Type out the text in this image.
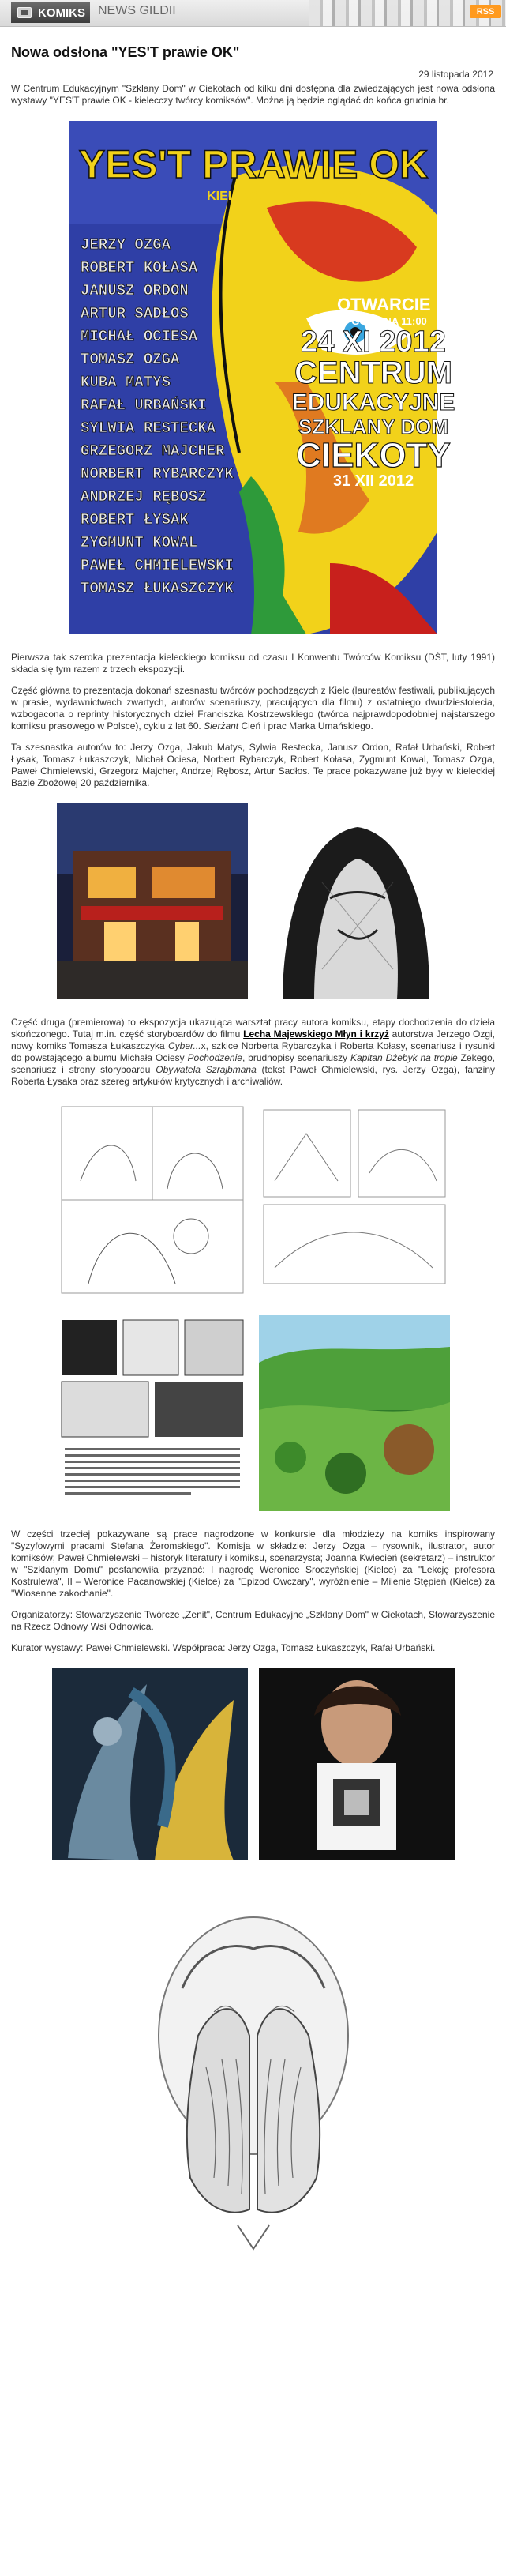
KOMIKS NEWS GILDII	RSS
Nowa odsłona "YES'T prawie OK"
29 listopada 2012

W Centrum Edukacyjnym "Szklany Dom" w Ciekotach od kilku dni dostępna dla zwiedzających jest nowa odsłona wystawy "YES'T prawie OK - kielecczy twórcy komiksów". Można ją będzie oglądać do końca grudnia br.

YES'T PRAWIE OK
KIELECCY TWÓRCY KOMIKSÓW
JERZY OZGA
ROBERT KOŁASA
JANUSZ ORDON
ARTUR SADŁOS
MICHAŁ OCIESA
TOMASZ OZGA
KUBA MATYS
RAFAŁ URBAŃSKI
SYLWIA RESTECKA
GRZEGORZ MAJCHER
NORBERT RYBARCZYK
ANDRZEJ RĘBOSZ
ROBERT ŁYSAK
ZYGMUNT KOWAL
PAWEŁ CHMIELEWSKI
TOMASZ ŁUKASZCZYK
OTWARCIE :
GODZINA 11:00
24 XI 2012
CENTRUM
EDUKACYJNE
SZKLANY DOM
CIEKOTY
31 XII 2012

Pierwsza tak szeroka prezentacja kieleckiego komiksu od czasu I Konwentu Twórców Komiksu (DŚT, luty 1991) składa się tym razem z trzech ekspozycji.

Część główna to prezentacja dokonań szesnastu twórców pochodzących z Kielc (laureatów festiwali, publikujących w prasie, wydawnictwach zwartych, autorów scenariuszy, pracujących dla filmu) z ostatniego dwudziestolecia, wzbogacona o reprinty historycznych dzieł Franciszka Kostrzewskiego (twórca najprawdopodobniej najstarszego komiksu prasowego w Polsce), cyklu z lat 60. Sierżant Cień i prac Marka Umańskiego.

Ta szesnastka autorów to: Jerzy Ozga, Jakub Matys, Sylwia Restecka, Janusz Ordon, Rafał Urbański, Robert Łysak, Tomasz Łukaszczyk, Michał Ociesa, Norbert Rybarczyk, Robert Kołasa, Zygmunt Kowal, Tomasz Ozga, Paweł Chmielewski, Grzegorz Majcher, Andrzej Rębosz, Artur Sadłos. Te prace pokazywane już były w kieleckiej Bazie Zbożowej 20 października.

Część druga (premierowa) to ekspozycja ukazująca warsztat pracy autora komiksu, etapy dochodzenia do dzieła skończonego. Tutaj m.in. część storyboardów do filmu Lecha Majewskiego Młyn i krzyż autorstwa Jerzego Ozgi, nowy komiks Tomasza Łukaszczyka Cyber...x, szkice Norberta Rybarczyka i Roberta Kołasy, scenariusz i rysunki do powstającego albumu Michała Ociesy Pochodzenie, brudnopisy scenariuszy Kapitan Dżebyk na tropie Zekego, scenariusz i strony storyboardu Obywatela Szrajbmana (tekst Paweł Chmielewski, rys. Jerzy Ozga), fanziny Roberta Łysaka oraz szereg artykułów krytycznych i archiwaliów.

W części trzeciej pokazywane są prace nagrodzone w konkursie dla młodzieży na komiks inspirowany "Syzyfowymi pracami Stefana Żeromskiego". Komisja w składzie: Jerzy Ozga – rysownik, ilustrator, autor komiksów; Paweł Chmielewski – historyk literatury i komiksu, scenarzysta; Joanna Kwiecień (sekretarz) – instruktor w "Szklanym Domu" postanowiła przyznać: I nagrodę Weronice Sroczyńskiej (Kielce) za "Lekcję profesora Kostrulewa", II – Weronice Pacanowskiej (Kielce) za "Epizod Owczary", wyróżnienie – Milenie Stępień (Kielce) za "Wiosenne zakochanie".

Organizatorzy: Stowarzyszenie Twórcze „Zenit", Centrum Edukacyjne „Szklany Dom" w Ciekotach, Stowarzyszenie na Rzecz Odnowy Wsi Odnowica.

Kurator wystawy: Paweł Chmielewski. Współpraca: Jerzy Ozga, Tomasz Łukaszczyk, Rafał Urbański.
